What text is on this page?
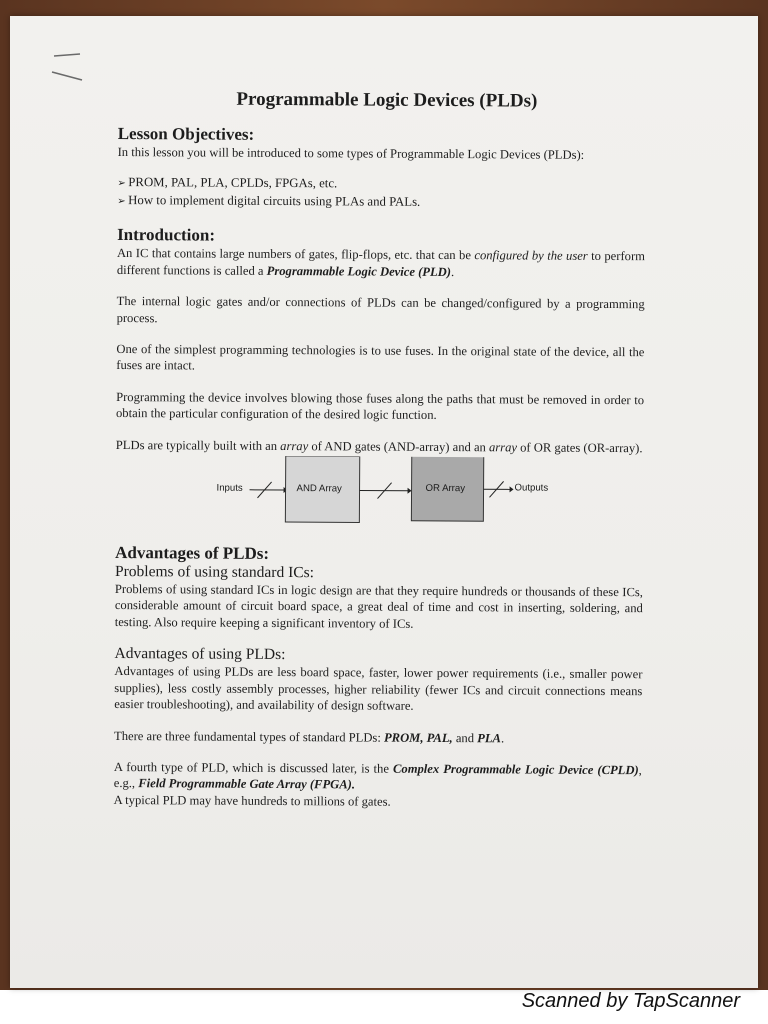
Programmable Logic Devices (PLDs)
Lesson Objectives:

In this lesson you will be introduced to some types of Programmable Logic Devices (PLDs):

➢ PROM, PAL, PLA, CPLDs, FPGAs, etc.
➢ How to implement digital circuits using PLAs and PALs.
Introduction:

An IC that contains large numbers of gates, flip-flops, etc. that can be configured by the user to perform different functions is called a Programmable Logic Device (PLD).

The internal logic gates and/or connections of PLDs can be changed/configured by a programming process.

One of the simplest programming technologies is to use fuses. In the original state of the device, all the fuses are intact.

Programming the device involves blowing those fuses along the paths that must be removed in order to obtain the particular configuration of the desired logic function.

PLDs are typically built with an array of AND gates (AND-array) and an array of OR gates (OR-array).

Inputs	AND Array	OR Array	Outputs
Advantages of PLDs:
Problems of using standard ICs:

Problems of using standard ICs in logic design are that they require hundreds or thousands of these ICs, considerable amount of circuit board space, a great deal of time and cost in inserting, soldering, and testing. Also require keeping a significant inventory of ICs.

Advantages of using PLDs:

Advantages of using PLDs are less board space, faster, lower power requirements (i.e., smaller power supplies), less costly assembly processes, higher reliability (fewer ICs and circuit connections means easier troubleshooting), and availability of design software.

There are three fundamental types of standard PLDs: PROM, PAL, and PLA.

A fourth type of PLD, which is discussed later, is the Complex Programmable Logic Device (CPLD), e.g., Field Programmable Gate Array (FPGA).
A typical PLD may have hundreds to millions of gates.

Scanned by TapScanner
